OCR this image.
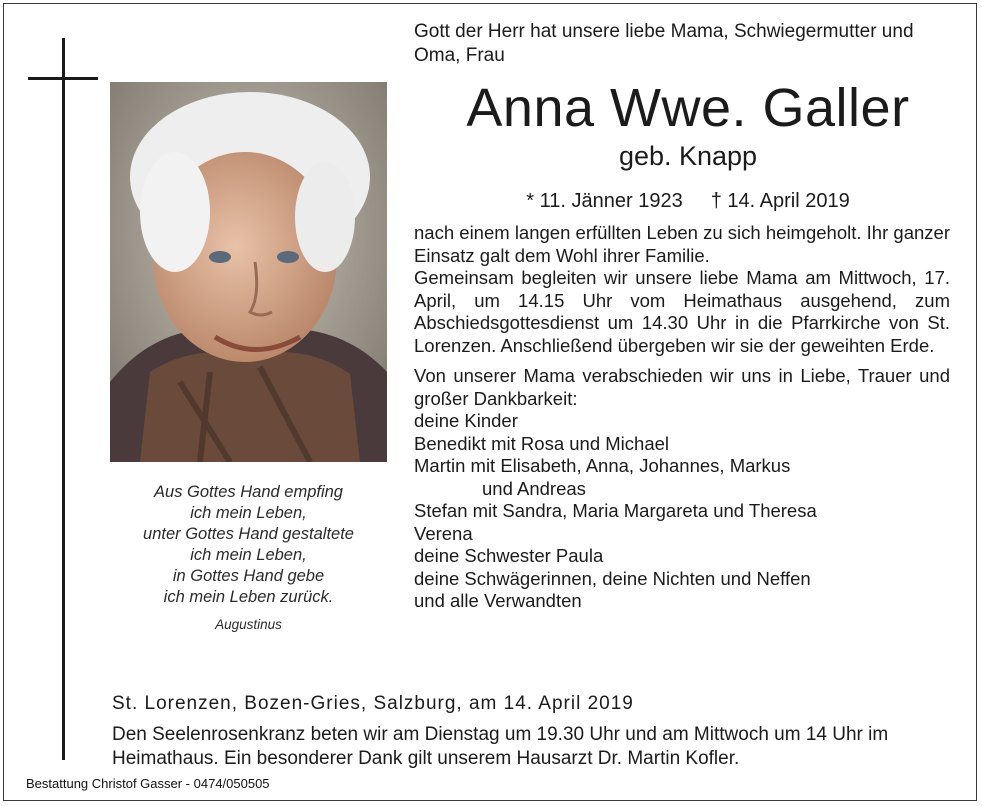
Aus Gottes Hand empfing
ich mein Leben,
unter Gottes Hand gestaltete
ich mein Leben,
in Gottes Hand gebe
ich mein Leben zurück.
Augustinus
Gott der Herr hat unsere liebe Mama, Schwiegermutter und Oma, Frau
Anna Wwe. Galler
geb. Knapp
* 11. Jänner 1923 † 14. April 2019

nach einem langen erfüllten Leben zu sich heimgeholt. Ihr ganzer Einsatz galt dem Wohl ihrer Familie.

Gemeinsam begleiten wir unsere liebe Mama am Mittwoch, 17. April, um 14.15 Uhr vom Heimathaus ausgehend, zum Abschiedsgottesdienst um 14.30 Uhr in die Pfarrkirche von St. Lorenzen. Anschließend übergeben wir sie der geweihten Erde.

Von unserer Mama verabschieden wir uns in Liebe, Trauer und großer Dankbarkeit:

deine Kinder

Benedikt mit Rosa und Michael

Martin mit Elisabeth, Anna, Johannes, Markus

und Andreas

Stefan mit Sandra, Maria Margareta und Theresa

Verena

deine Schwester Paula

deine Schwägerinnen, deine Nichten und Neffen

und alle Verwandten

St. Lorenzen, Bozen-Gries, Salzburg, am 14. April 2019
Den Seelenrosenkranz beten wir am Dienstag um 19.30 Uhr und am Mittwoch um 14 Uhr im Heimathaus. Ein besonderer Dank gilt unserem Hausarzt Dr. Martin Kofler.
Bestattung Christof Gasser - 0474/050505
